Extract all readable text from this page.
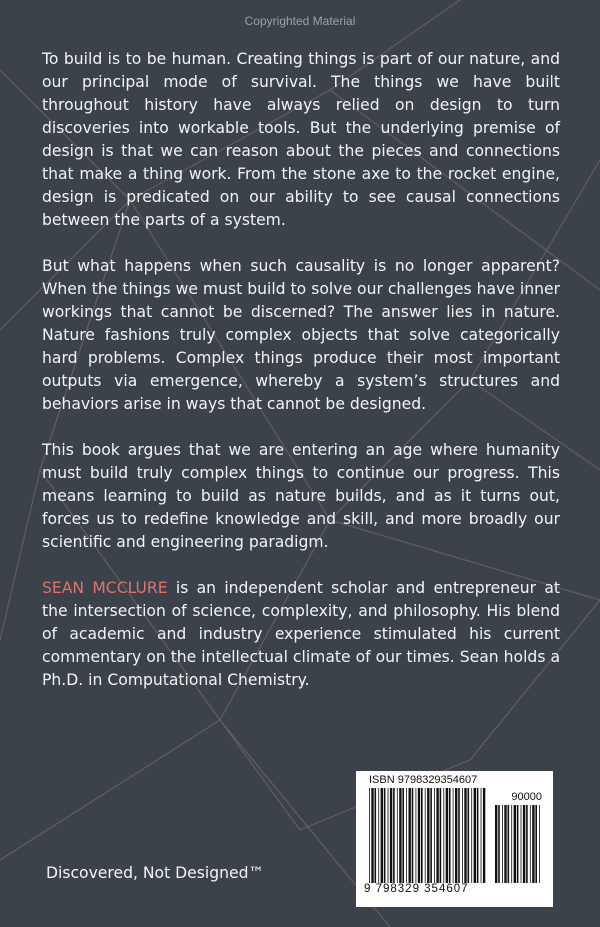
Copyrighted Material

To build is to be human. Creating things is part of our nature, and our principal mode of survival. The things we have built throughout history have always relied on design to turn discoveries into workable tools. But the underlying premise of design is that we can reason about the pieces and connections that make a thing work. From the stone axe to the rocket engine, design is predicated on our ability to see causal connections between the parts of a system.

But what happens when such causality is no longer apparent? When the things we must build to solve our challenges have inner workings that cannot be discerned? The answer lies in nature. Nature fashions truly complex objects that solve categorically hard problems. Complex things produce their most important outputs via emergence, whereby a system’s structures and behaviors arise in ways that cannot be designed.

This book argues that we are entering an age where humanity must build truly complex things to continue our progress. This means learning to build as nature builds, and as it turns out, forces us to redefine knowledge and skill, and more broadly our scientific and engineering paradigm.

SEAN MCCLURE is an independent scholar and entrepreneur at the intersection of science, complexity, and philosophy. His blend of academic and industry experience stimulated his current commentary on the intellectual climate of our times. Sean holds a Ph.D. in Computational Chemistry.

ISBN 9798329354607
90000
9 798329 354607
Discovered, Not Designed™
